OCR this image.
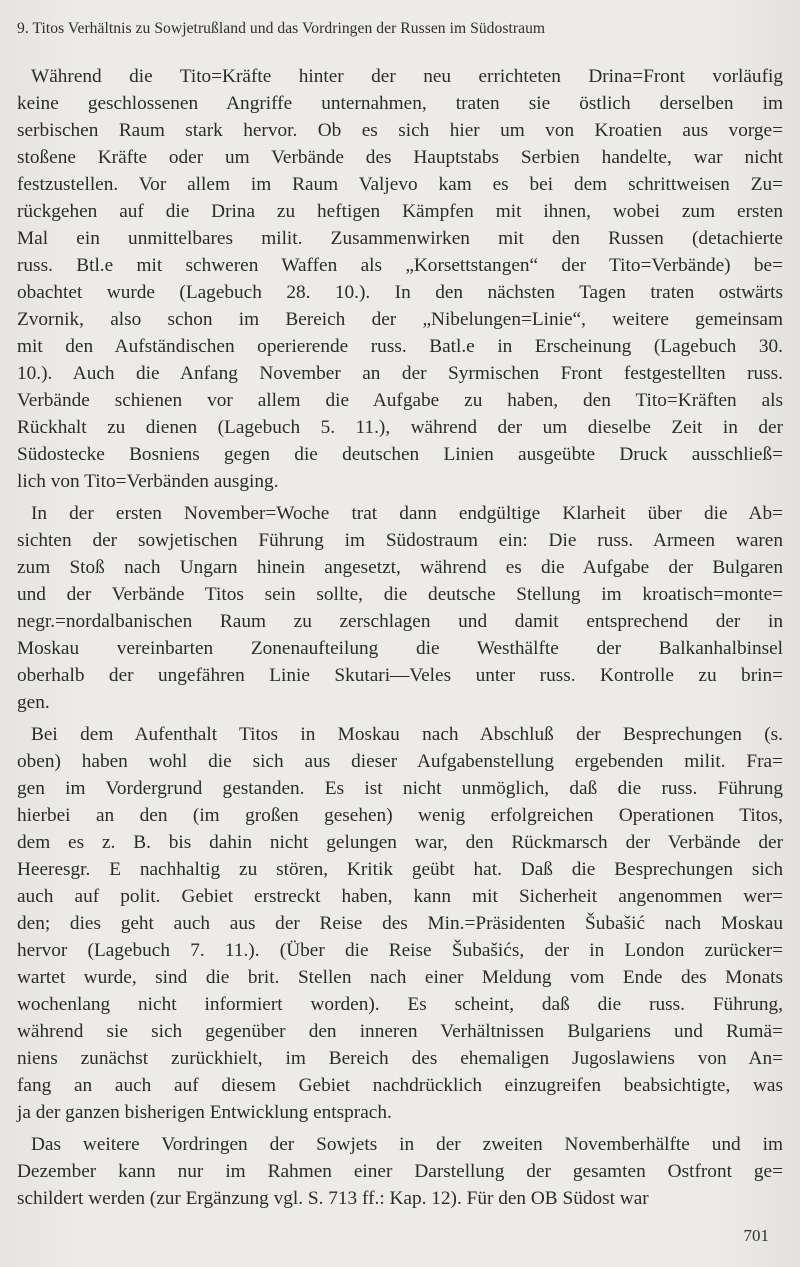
9. Titos Verhältnis zu Sowjetrußland und das Vordringen der Russen im Südostraum
Während die Tito=Kräfte hinter der neu errichteten Drina=Front vorläufig
keine geschlossenen Angriffe unternahmen, traten sie östlich derselben im
serbischen Raum stark hervor. Ob es sich hier um von Kroatien aus vorge=
stoßene Kräfte oder um Verbände des Hauptstabs Serbien handelte, war nicht
festzustellen. Vor allem im Raum Valjevo kam es bei dem schrittweisen Zu=
rückgehen auf die Drina zu heftigen Kämpfen mit ihnen, wobei zum ersten
Mal ein unmittelbares milit. Zusammenwirken mit den Russen (detachierte
russ. Btl.e mit schweren Waffen als „Korsettstangen“ der Tito=Verbände) be=
obachtet wurde (Lagebuch 28. 10.). In den nächsten Tagen traten ostwärts
Zvornik, also schon im Bereich der „Nibelungen=Linie“, weitere gemeinsam
mit den Aufständischen operierende russ. Batl.e in Erscheinung (Lagebuch 30.
10.). Auch die Anfang November an der Syrmischen Front festgestellten russ.
Verbände schienen vor allem die Aufgabe zu haben, den Tito=Kräften als
Rückhalt zu dienen (Lagebuch 5. 11.), während der um dieselbe Zeit in der
Südostecke Bosniens gegen die deutschen Linien ausgeübte Druck ausschließ=
lich von Tito=Verbänden ausging.
In der ersten November=Woche trat dann endgültige Klarheit über die Ab=
sichten der sowjetischen Führung im Südostraum ein: Die russ. Armeen waren
zum Stoß nach Ungarn hinein angesetzt, während es die Aufgabe der Bulgaren
und der Verbände Titos sein sollte, die deutsche Stellung im kroatisch=monte=
negr.=nordalbanischen Raum zu zerschlagen und damit entsprechend der in
Moskau vereinbarten Zonenaufteilung die Westhälfte der Balkanhalbinsel
oberhalb der ungefähren Linie Skutari—Veles unter russ. Kontrolle zu brin=
gen.
Bei dem Aufenthalt Titos in Moskau nach Abschluß der Besprechungen (s.
oben) haben wohl die sich aus dieser Aufgabenstellung ergebenden milit. Fra=
gen im Vordergrund gestanden. Es ist nicht unmöglich, daß die russ. Führung
hierbei an den (im großen gesehen) wenig erfolgreichen Operationen Titos,
dem es z. B. bis dahin nicht gelungen war, den Rückmarsch der Verbände der
Heeresgr. E nachhaltig zu stören, Kritik geübt hat. Daß die Besprechungen sich
auch auf polit. Gebiet erstreckt haben, kann mit Sicherheit angenommen wer=
den; dies geht auch aus der Reise des Min.=Präsidenten Šubašić nach Moskau
hervor (Lagebuch 7. 11.). (Über die Reise Šubašićs, der in London zurücker=
wartet wurde, sind die brit. Stellen nach einer Meldung vom Ende des Monats
wochenlang nicht informiert worden). Es scheint, daß die russ. Führung,
während sie sich gegenüber den inneren Verhältnissen Bulgariens und Rumä=
niens zunächst zurückhielt, im Bereich des ehemaligen Jugoslawiens von An=
fang an auch auf diesem Gebiet nachdrücklich einzugreifen beabsichtigte, was
ja der ganzen bisherigen Entwicklung entsprach.
Das weitere Vordringen der Sowjets in der zweiten Novemberhälfte und im
Dezember kann nur im Rahmen einer Darstellung der gesamten Ostfront ge=
schildert werden (zur Ergänzung vgl. S. 713 ff.: Kap. 12). Für den OB Südost war
701
